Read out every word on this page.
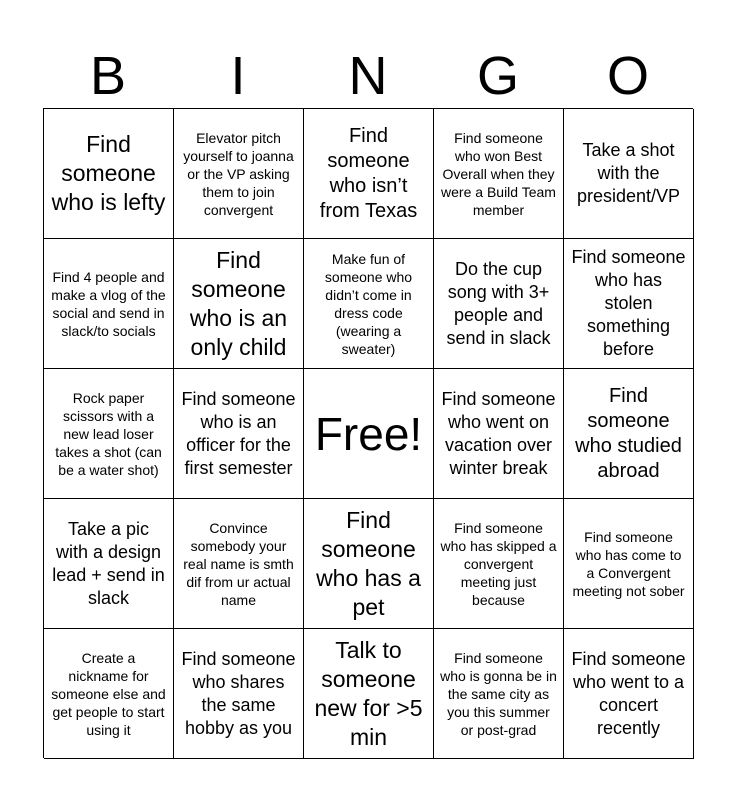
B	I	N	G	O
Find someone who is lefty
Elevator pitch yourself to joanna or the VP asking them to join convergent
Find someone who isn’t from Texas
Find someone who won Best Overall when they were a Build Team member
Take a shot with the president/VP
Find 4 people and make a vlog of the social and send in slack/to socials
Find someone who is an only child
Make fun of someone who didn’t come in dress code (wearing a sweater)
Do the cup song with 3+ people and send in slack
Find someone who has stolen something before
Rock paper scissors with a new lead loser takes a shot (can be a water shot)
Find someone who is an officer for the first semester
Free!
Find someone who went on vacation over winter break
Find someone who studied abroad
Take a pic with a design lead + send in slack
Convince somebody your real name is smth dif from ur actual name
Find someone who has a pet
Find someone who has skipped a convergent meeting just because
Find someone who has come to a Convergent meeting not sober
Create a nickname for someone else and get people to start using it
Find someone who shares the same hobby as you
Talk to someone new for >5 min
Find someone who is gonna be in the same city as you this summer or post-grad
Find someone who went to a concert recently
